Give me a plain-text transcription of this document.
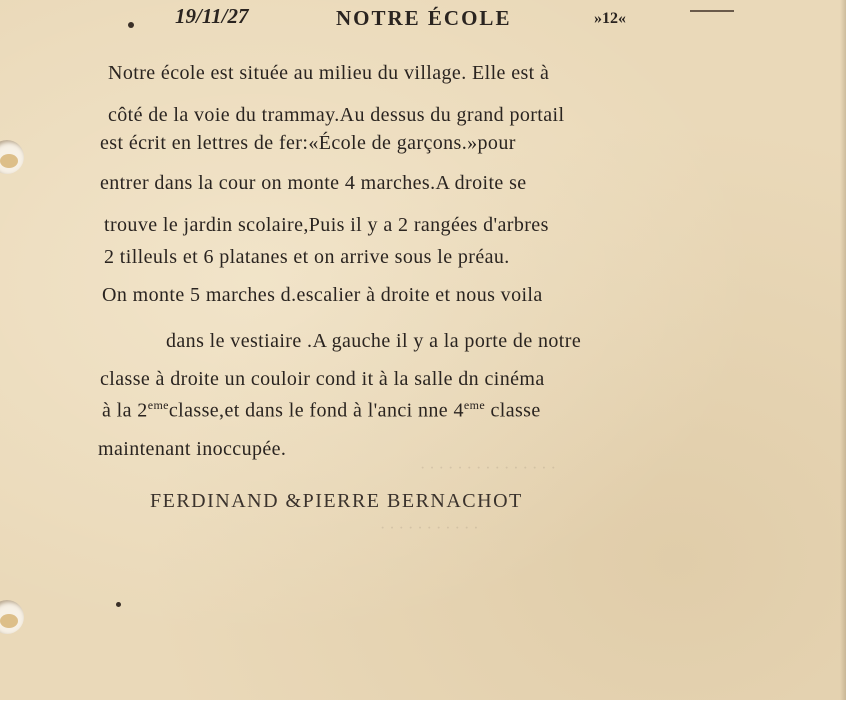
19/11/27	NOTRE ÉCOLE	»12«
· · · · · · · · · · · · · · ·
· · · · · · · · · · ·
Notre école est située au milieu du village. Elle est à
côté de la voie du trammay.Au dessus du grand portail
est écrit en lettres de fer:«École de garçons.»pour
entrer dans la cour on monte 4 marches.A droite se
trouve le jardin scolaire,Puis il y a 2 rangées d'arbres
2 tilleuls et 6 platanes et on arrive sous le préau.
On monte 5 marches d.escalier à droite et nous voila
dans le vestiaire .A gauche il y a la porte de notre
classe à droite un couloir cond it à la salle dn cinéma
à la 2emeclasse,et dans le fond à l'anci nne 4eme classe
maintenant inoccupée.
FERDINAND &PIERRE BERNACHOT
